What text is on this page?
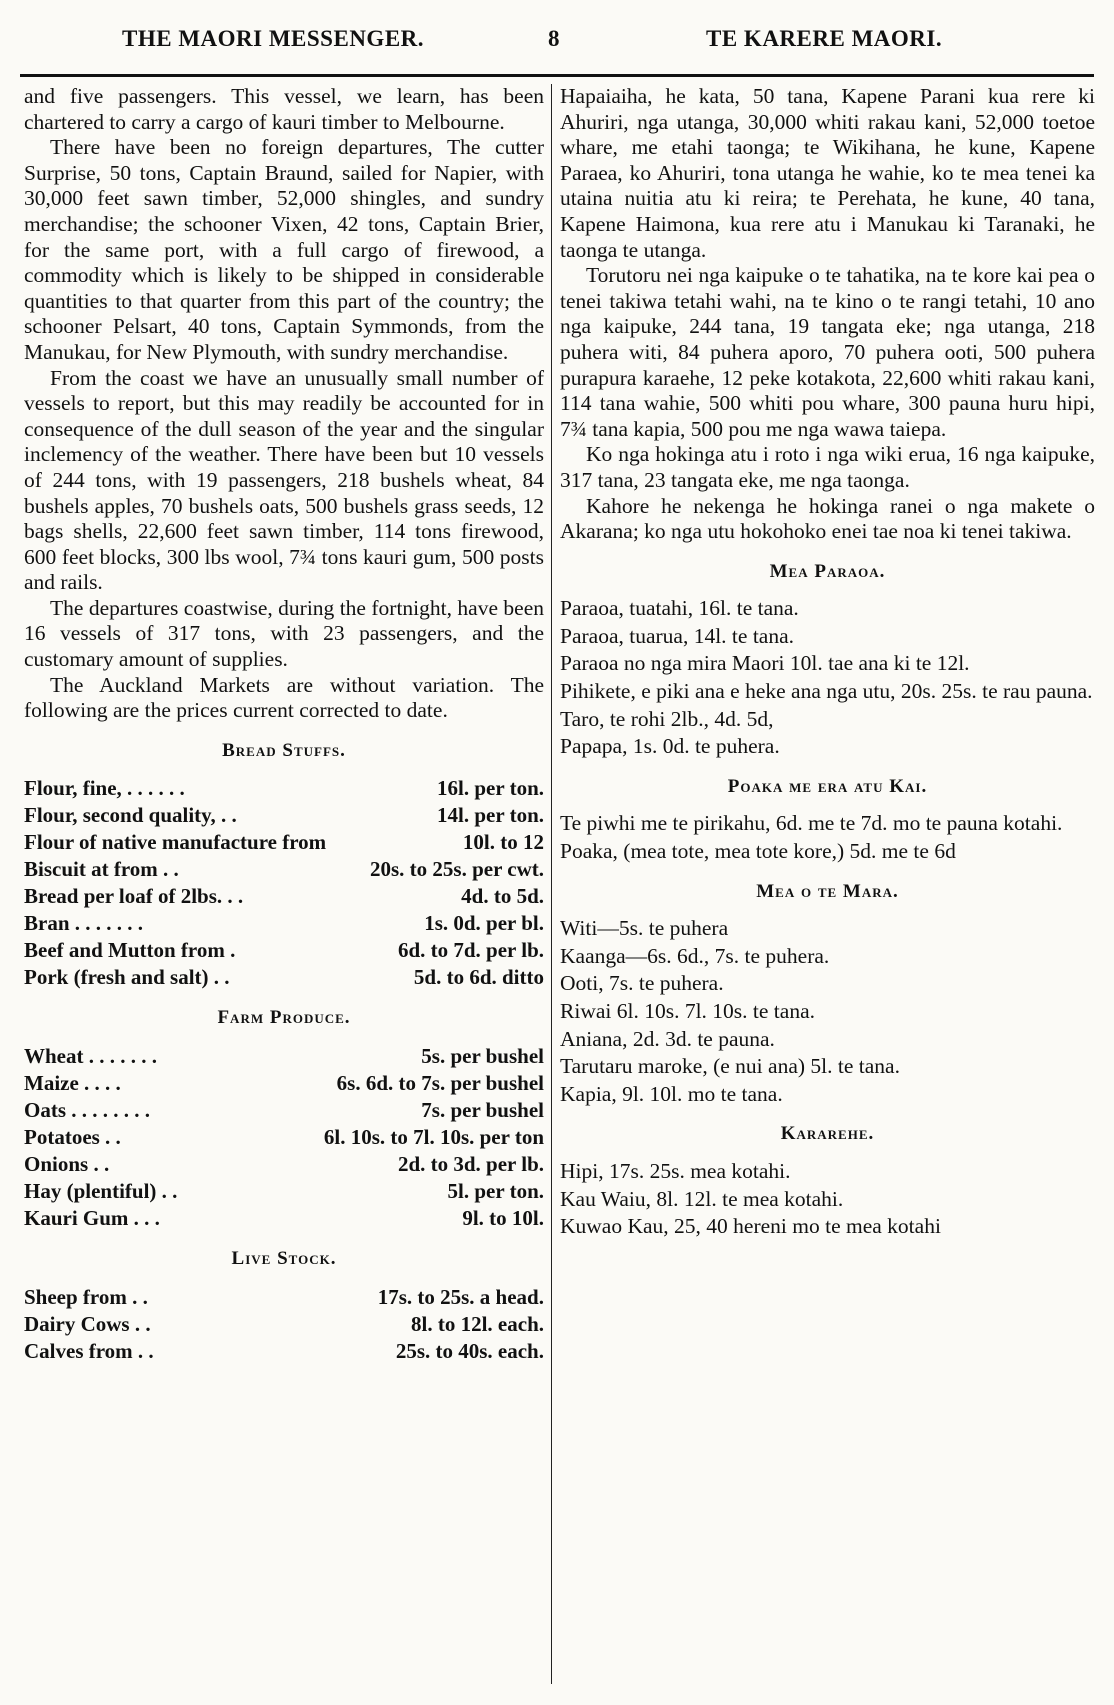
THE MAORI MESSENGER.	8	TE KARERE MAORI.

and five passengers. This vessel, we learn, has been chartered to carry a cargo of kauri timber to Melbourne.

There have been no foreign departures, The cutter Surprise, 50 tons, Captain Braund, sailed for Napier, with 30,000 feet sawn timber, 52,000 shingles, and sundry merchandise; the schooner Vixen, 42 tons, Captain Brier, for the same port, with a full cargo of firewood, a commodity which is likely to be shipped in considerable quantities to that quarter from this part of the country; the schooner Pelsart, 40 tons, Captain Symmonds, from the Manukau, for New Plymouth, with sundry merchandise.

From the coast we have an unusually small number of vessels to report, but this may readily be accounted for in consequence of the dull season of the year and the singular inclemency of the weather. There have been but 10 vessels of 244 tons, with 19 passengers, 218 bushels wheat, 84 bushels apples, 70 bushels oats, 500 bushels grass seeds, 12 bags shells, 22,600 feet sawn timber, 114 tons firewood, 600 feet blocks, 300 lbs wool, 7¾ tons kauri gum, 500 posts and rails.

The departures coastwise, during the fortnight, have been 16 vessels of 317 tons, with 23 passengers, and the customary amount of supplies.

The Auckland Markets are without variation. The following are the prices current corrected to date.

Bread Stuffs.
Flour, fine, . . . . . .	16l. per ton.
Flour, second quality, . .	14l. per ton.
Flour of native manufacture from	10l. to 12
Biscuit at from . .	20s. to 25s. per cwt.
Bread per loaf of 2lbs. . .	4d. to 5d.
Bran . . . . . . .	1s. 0d. per bl.
Beef and Mutton from .	6d. to 7d. per lb.
Pork (fresh and salt) . .	5d. to 6d. ditto
Farm Produce.
Wheat . . . . . . .	5s. per bushel
Maize . . . .	6s. 6d. to 7s. per bushel
Oats . . . . . . . .	7s. per bushel
Potatoes . .	6l. 10s. to 7l. 10s. per ton
Onions . .	2d. to 3d. per lb.
Hay (plentiful) . .	5l. per ton.
Kauri Gum . . .	9l. to 10l.
Live Stock.
Sheep from . .	17s. to 25s. a head.
Dairy Cows . .	8l. to 12l. each.
Calves from . .	25s. to 40s. each.

Hapaiaiha, he kata, 50 tana, Kapene Parani kua rere ki Ahuriri, nga utanga, 30,000 whiti rakau kani, 52,000 toetoe whare, me etahi taonga; te Wikihana, he kune, Kapene Paraea, ko Ahuriri, tona utanga he wahie, ko te mea tenei ka utaina nuitia atu ki reira; te Perehata, he kune, 40 tana, Kapene Haimona, kua rere atu i Manukau ki Taranaki, he taonga te utanga.

Torutoru nei nga kaipuke o te tahatika, na te kore kai pea o tenei takiwa tetahi wahi, na te kino o te rangi tetahi, 10 ano nga kaipuke, 244 tana, 19 tangata eke; nga utanga, 218 puhera witi, 84 puhera aporo, 70 puhera ooti, 500 puhera purapura karaehe, 12 peke kotakota, 22,600 whiti rakau kani, 114 tana wahie, 500 whiti pou whare, 300 pauna huru hipi, 7¾ tana kapia, 500 pou me nga wawa taiepa.

Ko nga hokinga atu i roto i nga wiki erua, 16 nga kaipuke, 317 tana, 23 tangata eke, me nga taonga.

Kahore he nekenga he hokinga ranei o nga makete o Akarana; ko nga utu hokohoko enei tae noa ki tenei takiwa.

Mea Paraoa.

Paraoa, tuatahi, 16l. te tana.

Paraoa, tuarua, 14l. te tana.

Paraoa no nga mira Maori 10l. tae ana ki te 12l.

Pihikete, e piki ana e heke ana nga utu, 20s. 25s. te rau pauna.

Taro, te rohi 2lb., 4d. 5d,

Papapa, 1s. 0d. te puhera.

Poaka me era atu Kai.

Te piwhi me te pirikahu, 6d. me te 7d. mo te pauna kotahi.

Poaka, (mea tote, mea tote kore,) 5d. me te 6d

Mea o te Mara.

Witi—5s. te puhera

Kaanga—6s. 6d., 7s. te puhera.

Ooti, 7s. te puhera.

Riwai 6l. 10s. 7l. 10s. te tana.

Aniana, 2d. 3d. te pauna.

Tarutaru maroke, (e nui ana) 5l. te tana.

Kapia, 9l. 10l. mo te tana.

Kararehe.

Hipi, 17s. 25s. mea kotahi.

Kau Waiu, 8l. 12l. te mea kotahi.

Kuwao Kau, 25, 40 hereni mo te mea kotahi
